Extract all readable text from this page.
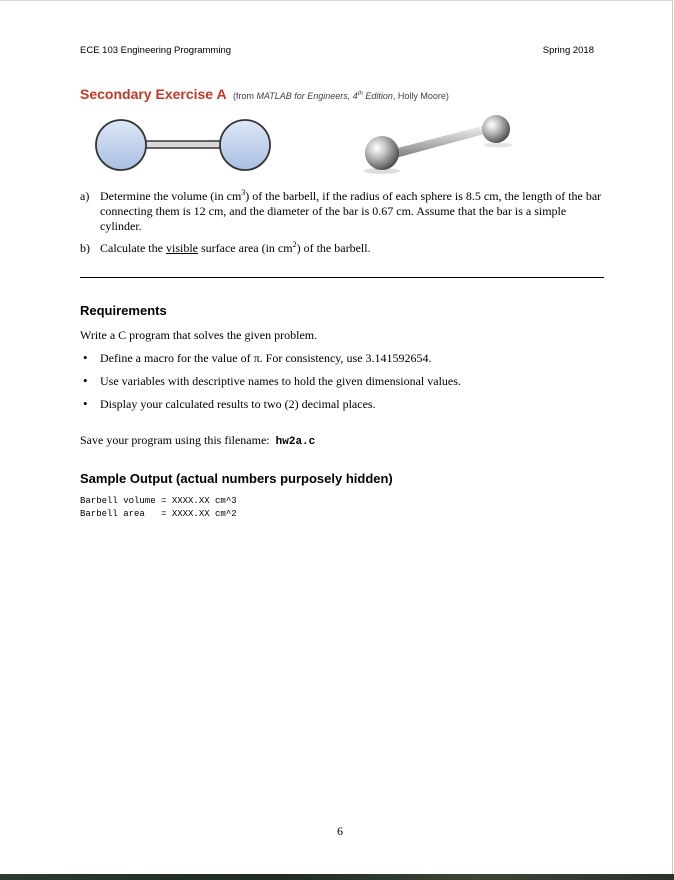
ECE 103 Engineering Programming	Spring 2018
Secondary Exercise A (from MATLAB for Engineers, 4th Edition, Holly Moore)
a) Determine the volume (in $cm^3$) of the barbell, if the radius of each sphere is 8.5 cm, the length of the bar connecting them is 12 cm, and the diameter of the bar is 0.67 cm. Assume that the bar is a simple cylinder.
b) Calculate the visible surface area (in $cm^2$) of the barbell.
Requirements
Write a C program that solves the given problem.
• Define a macro for the value of π. For consistency, use 3.141592654.
• Use variables with descriptive names to hold the given dimensional values.
• Display your calculated results to two (2) decimal places.
Save your program using this filename: hw2a.c
Sample Output (actual numbers purposely hidden)
Barbell volume = XXXX.XX cm^3
Barbell area   = XXXX.XX cm^2
6
